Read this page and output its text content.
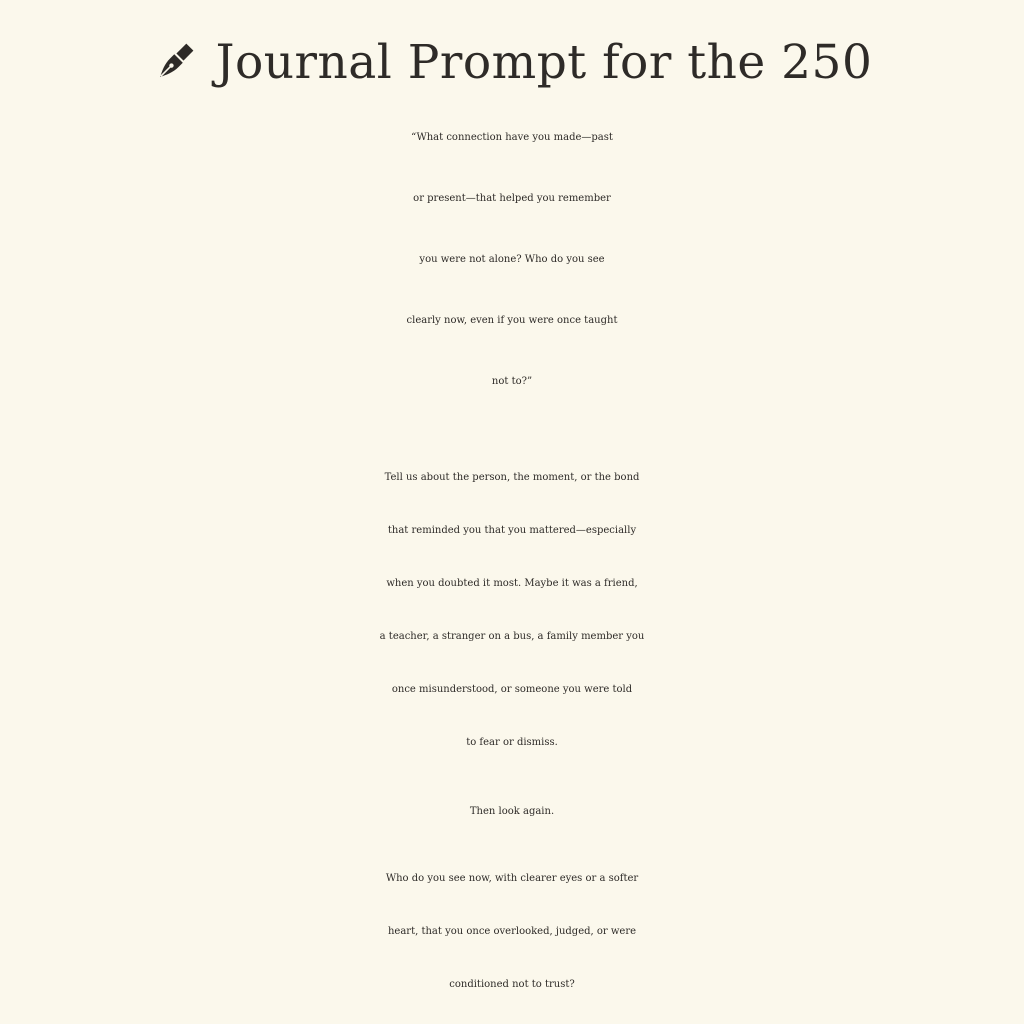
Journal Prompt for the 250
“What connection have you made—past
or present—that helped you remember
you were not alone? Who do you see
clearly now, even if you were once taught
not to?”
Tell us about the person, the moment, or the bond
that reminded you that you mattered—especially
when you doubted it most. Maybe it was a friend,
a teacher, a stranger on a bus, a family member you
once misunderstood, or someone you were told
to fear or dismiss.
Then look again.
Who do you see now, with clearer eyes or a softer
heart, that you once overlooked, judged, or were
conditioned not to trust?
